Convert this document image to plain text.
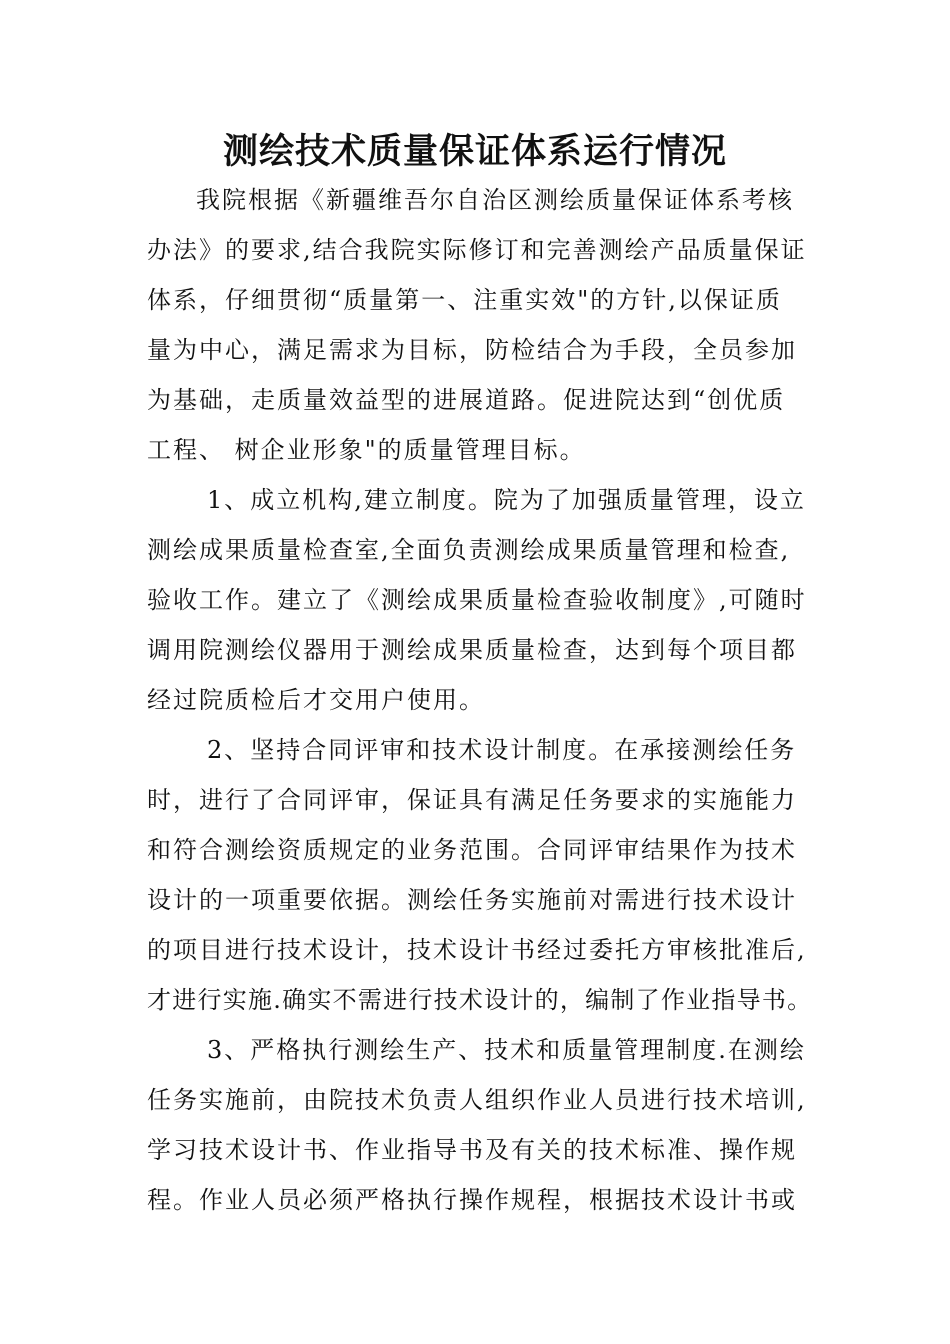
测绘技术质量保证体系运行情况
我院根据《新疆维吾尔自治区测绘质量保证体系考核
办法》的要求,结合我院实际修订和完善测绘产品质量保证
体系，仔细贯彻“质量第一、注重实效"的方针,以保证质
量为中心，满足需求为目标，防检结合为手段，全员参加
为基础，走质量效益型的进展道路。促进院达到“创优质
工程、 树企业形象"的质量管理目标。
1、成立机构,建立制度。院为了加强质量管理，设立
测绘成果质量检查室,全面负责测绘成果质量管理和检查,
验收工作。建立了《测绘成果质量检查验收制度》,可随时
调用院测绘仪器用于测绘成果质量检查，达到每个项目都
经过院质检后才交用户使用。
2、坚持合同评审和技术设计制度。在承接测绘任务
时，进行了合同评审，保证具有满足任务要求的实施能力
和符合测绘资质规定的业务范围。合同评审结果作为技术
设计的一项重要依据。测绘任务实施前对需进行技术设计
的项目进行技术设计，技术设计书经过委托方审核批准后,
才进行实施.确实不需进行技术设计的，编制了作业指导书。
3、严格执行测绘生产、技术和质量管理制度.在测绘
任务实施前，由院技术负责人组织作业人员进行技术培训,
学习技术设计书、作业指导书及有关的技术标准、操作规
程。作业人员必须严格执行操作规程，根据技术设计书或
